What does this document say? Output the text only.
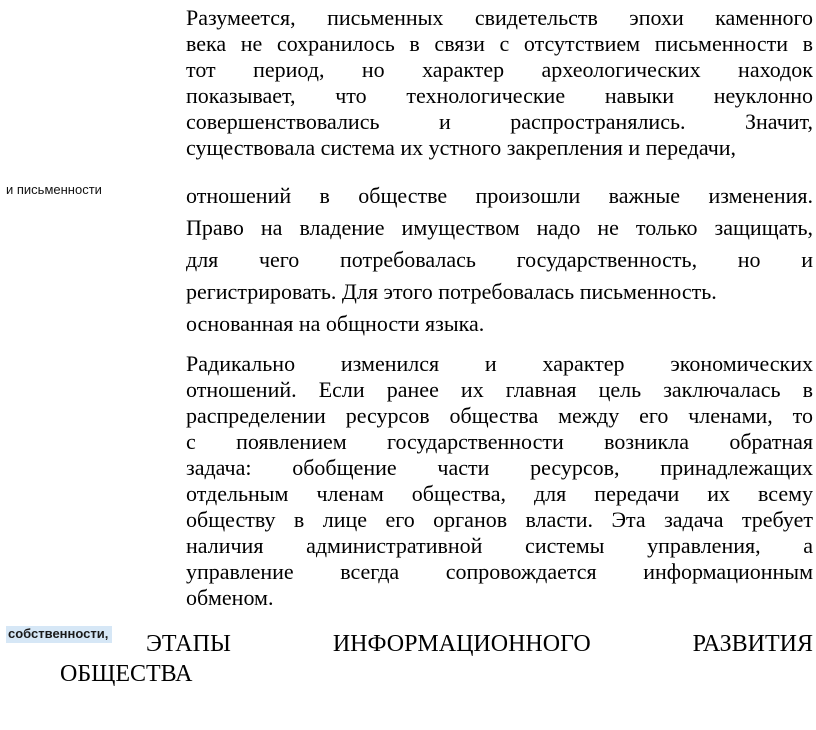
Разумеется, письменных свидетельств эпохи каменного
века не сохранилось в связи с отсутствием письменности в
тот период, но характер археологических находок
показывает, что технологические навыки неуклонно
совершенствовались и распространялись. Значит,
существовала система их устного закрепления и передачи,

и письменности	отношений в обществе произошли важные изменения.
Право на владение имуществом надо не только защищать,
для чего потребовалась государственность, но и
регистрировать. Для этого потребовалась письменность.
основанная на общности языка.

Радикально изменился и характер экономических
отношений. Если ранее их главная цель заключалась в
распределении ресурсов общества между его членами, то
с появлением государственности возникла обратная
задача: обобщение части ресурсов, принадлежащих
отдельным членам общества, для передачи их всему
обществу в лице его органов власти. Эта задача требует
наличия административной системы управления, а
управление всегда сопровождается информационным
обменом.

собственности,	ЭТАПЫ ИНФОРМАЦИОННОГО РАЗВИТИЯ
ОБЩЕСТВА
